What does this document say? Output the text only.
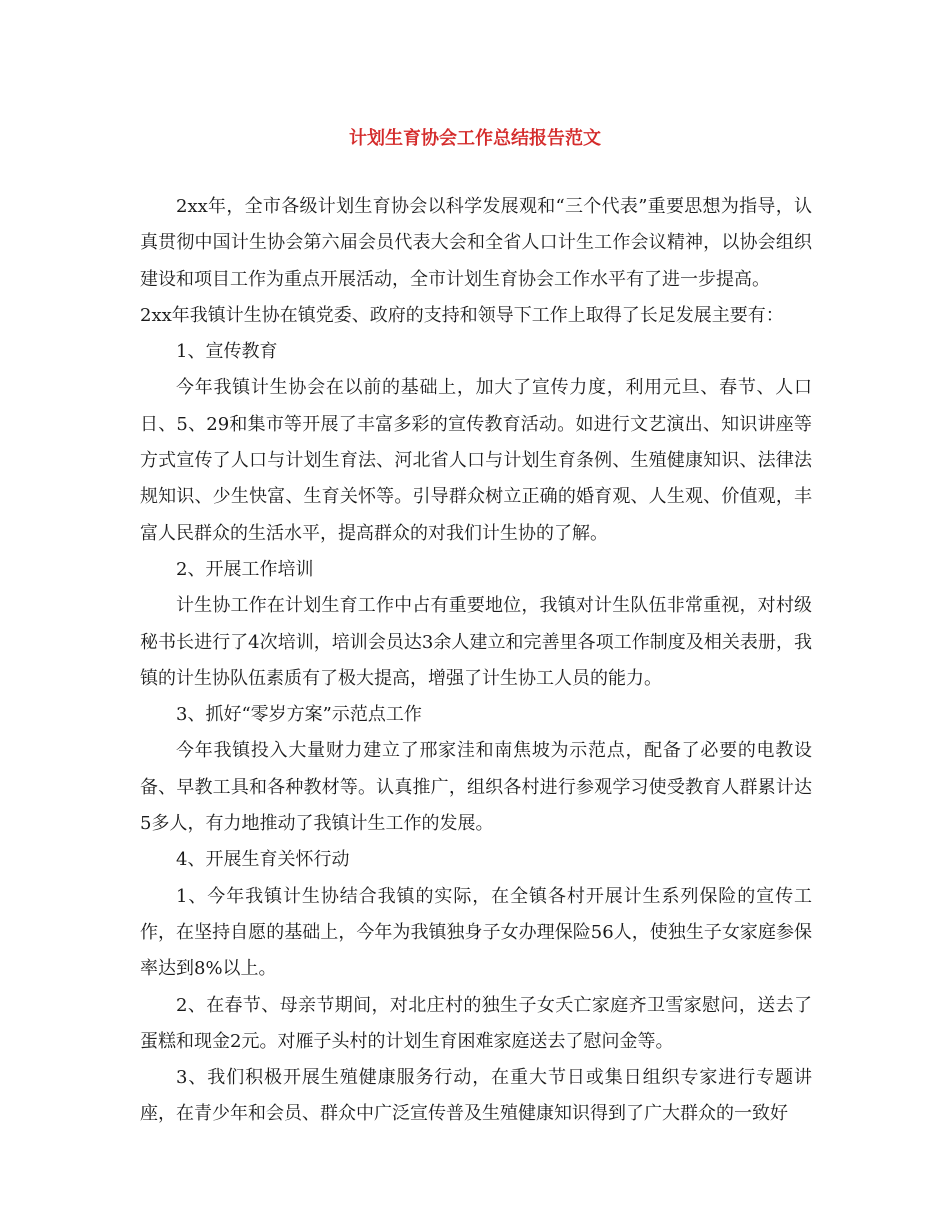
计划生育协会工作总结报告范文

2xx年，全市各级计划生育协会以科学发展观和“三个代表”重要思想为指导，认真贯彻中国计生协会第六届会员代表大会和全省人口计生工作会议精神，以协会组织建设和项目工作为重点开展活动，全市计划生育协会工作水平有了进一步提高。

2xx年我镇计生协在镇党委、政府的支持和领导下工作上取得了长足发展主要有：

1、宣传教育

今年我镇计生协会在以前的基础上，加大了宣传力度，利用元旦、春节、人口日、5、29和集市等开展了丰富多彩的宣传教育活动。如进行文艺演出、知识讲座等方式宣传了人口与计划生育法、河北省人口与计划生育条例、生殖健康知识、法律法规知识、少生快富、生育关怀等。引导群众树立正确的婚育观、人生观、价值观，丰富人民群众的生活水平，提高群众的对我们计生协的了解。

2、开展工作培训

计生协工作在计划生育工作中占有重要地位，我镇对计生队伍非常重视，对村级秘书长进行了4次培训，培训会员达3余人建立和完善里各项工作制度及相关表册，我镇的计生协队伍素质有了极大提高，增强了计生协工人员的能力。

3、抓好“零岁方案”示范点工作

今年我镇投入大量财力建立了邢家洼和南焦坡为示范点，配备了必要的电教设备、早教工具和各种教材等。认真推广，组织各村进行参观学习使受教育人群累计达5多人，有力地推动了我镇计生工作的发展。

4、开展生育关怀行动

1、今年我镇计生协结合我镇的实际，在全镇各村开展计生系列保险的宣传工作，在坚持自愿的基础上，今年为我镇独身子女办理保险56人，使独生子女家庭参保率达到8%以上。

2、在春节、母亲节期间，对北庄村的独生子女夭亡家庭齐卫雪家慰问，送去了蛋糕和现金2元。对雁子头村的计划生育困难家庭送去了慰问金等。

3、我们积极开展生殖健康服务行动，在重大节日或集日组织专家进行专题讲座，在青少年和会员、群众中广泛宣传普及生殖健康知识得到了广大群众的一致好
